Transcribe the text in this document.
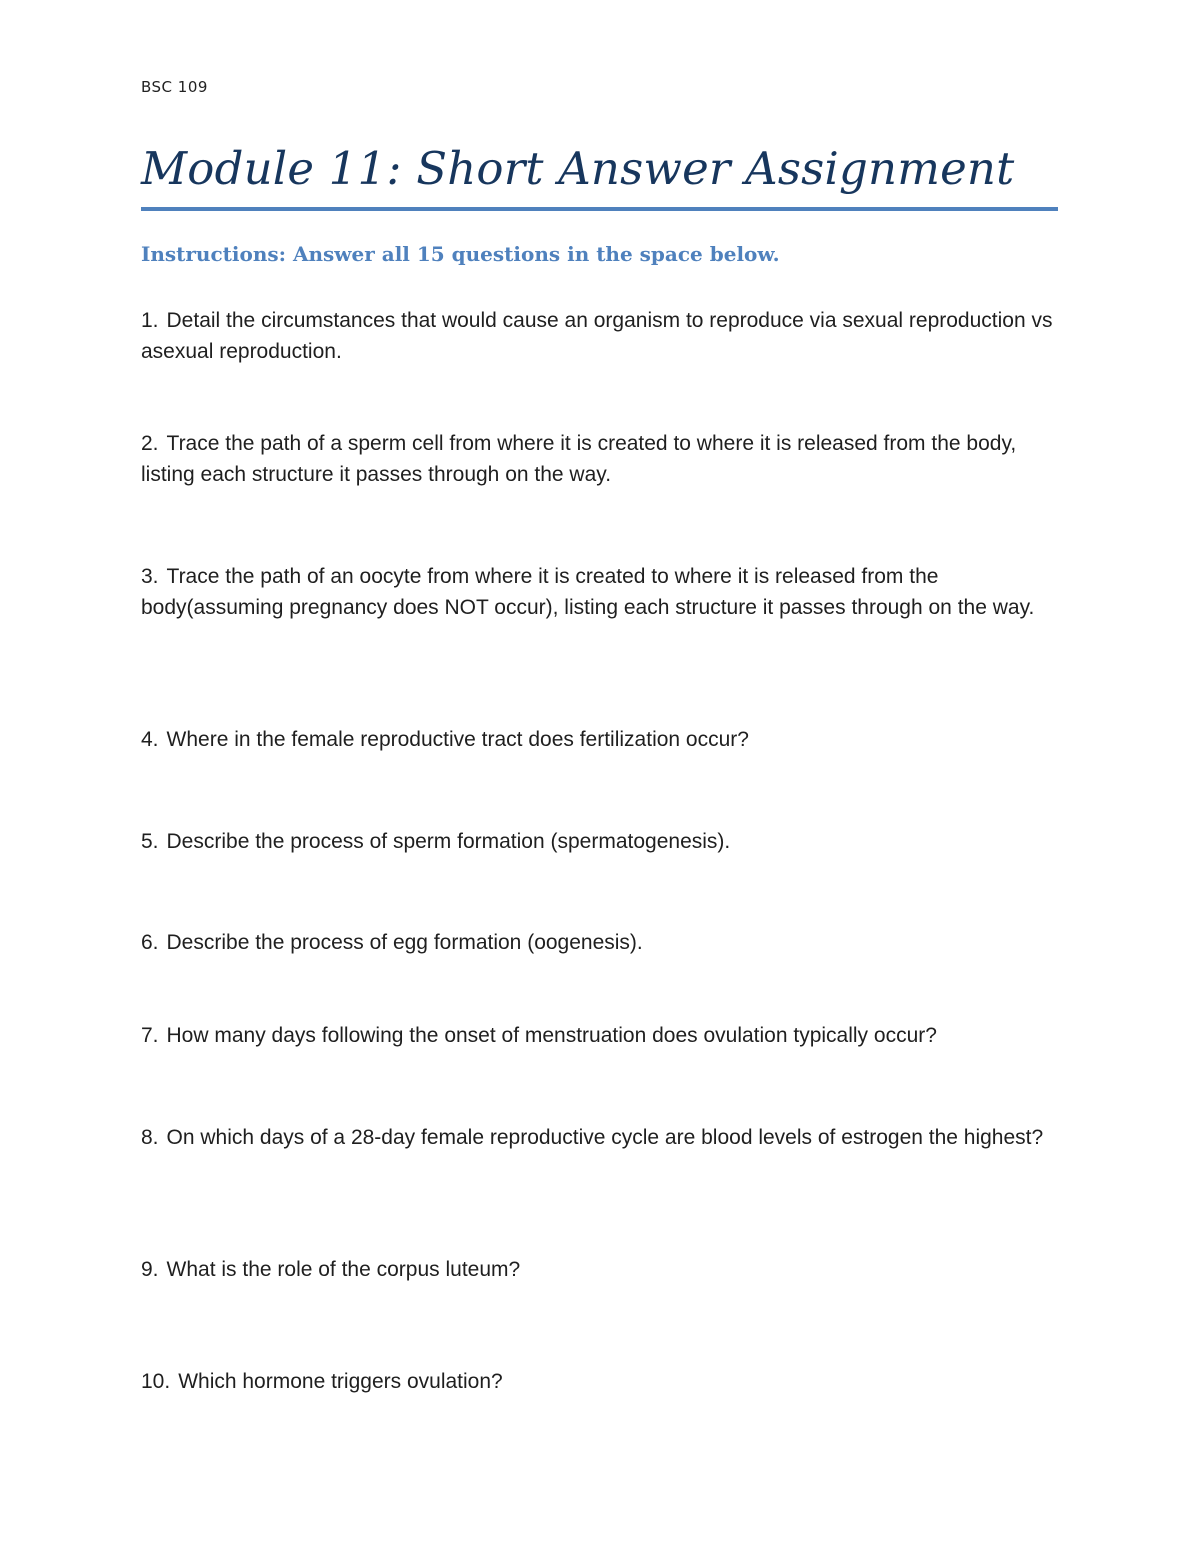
BSC 109
Module 11: Short Answer Assignment
Instructions: Answer all 15 questions in the space below.
1. Detail the circumstances that would cause an organism to reproduce via sexual reproduction vs asexual reproduction.
2. Trace the path of a sperm cell from where it is created to where it is released from the body, listing each structure it passes through on the way.
3. Trace the path of an oocyte from where it is created to where it is released from the body(assuming pregnancy does NOT occur), listing each structure it passes through on the way.
4. Where in the female reproductive tract does fertilization occur?
5. Describe the process of sperm formation (spermatogenesis).
6. Describe the process of egg formation (oogenesis).
7. How many days following the onset of menstruation does ovulation typically occur?
8. On which days of a 28-day female reproductive cycle are blood levels of estrogen the highest?
9. What is the role of the corpus luteum?
10. Which hormone triggers ovulation?
